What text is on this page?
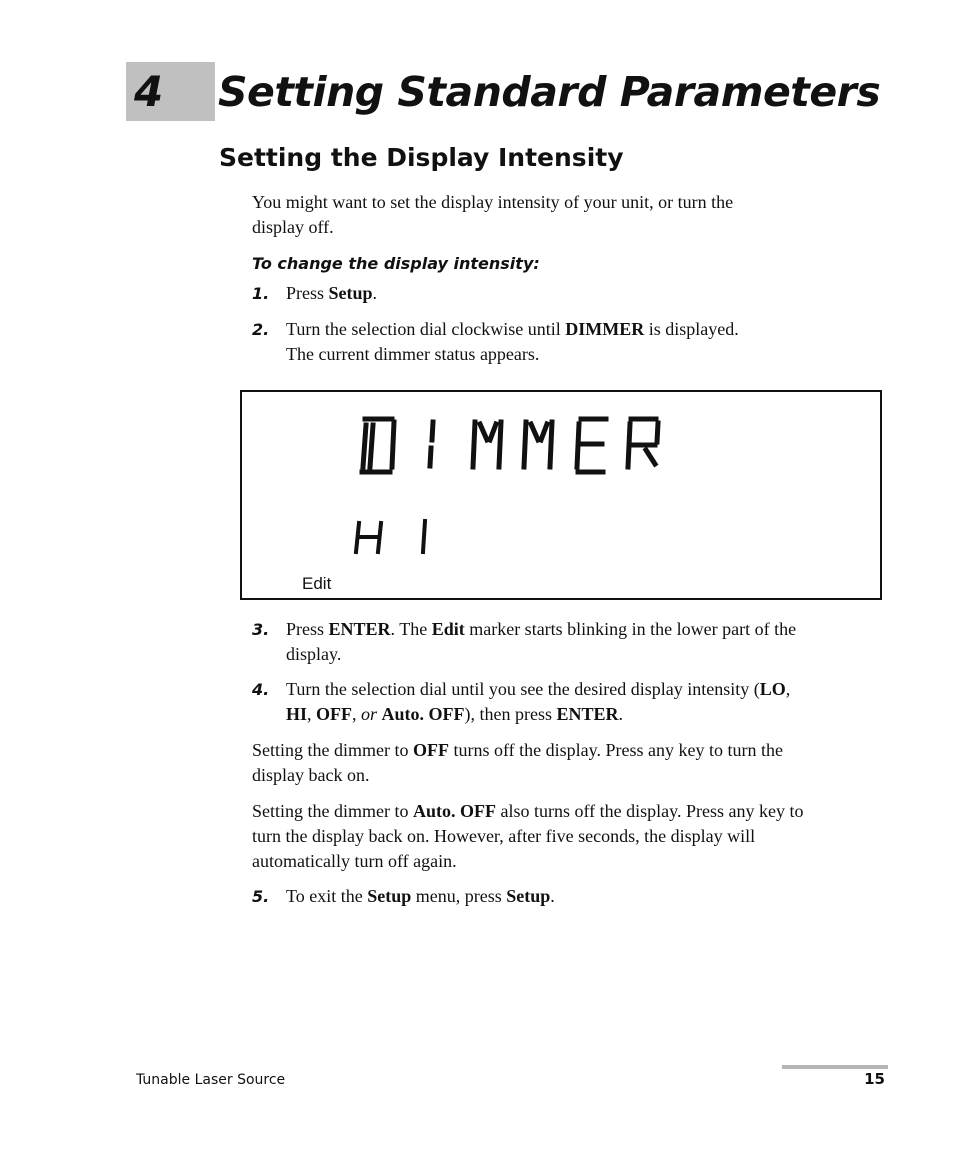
4 Setting Standard Parameters
Setting the Display Intensity

You might want to set the display intensity of your unit, or turn the
display off.

To change the display intensity:
1. Press Setup.

2. Turn the selection dial clockwise until DIMMER is displayed.
The current dimmer status appears.

Edit
3. Press ENTER. The Edit marker starts blinking in the lower part of the
display.

4. Turn the selection dial until you see the desired display intensity (LO,
HI, OFF, or Auto. OFF), then press ENTER.

Setting the dimmer to OFF turns off the display. Press any key to turn the
display back on.

Setting the dimmer to Auto. OFF also turns off the display. Press any key to
turn the display back on. However, after five seconds, the display will
automatically turn off again.

5. To exit the Setup menu, press Setup.

Tunable Laser Source	15
